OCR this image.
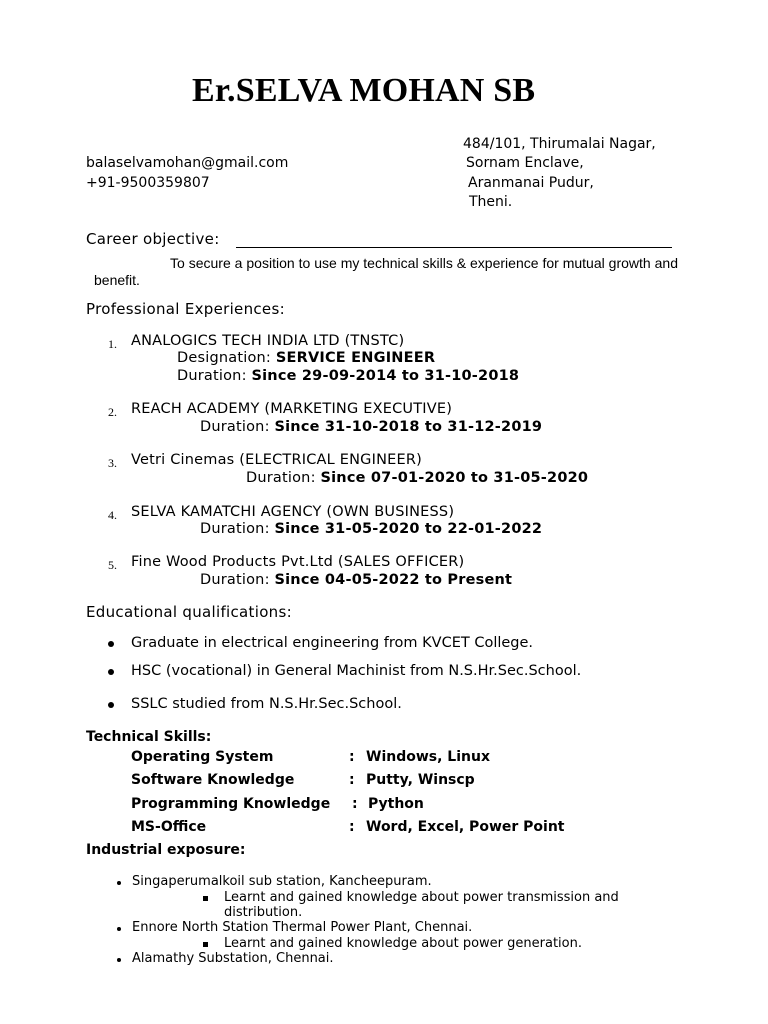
Er.SELVA MOHAN SB
484/101, Thirumalai Nagar,
Sornam Enclave,
Aranmanai Pudur,
Theni.
balaselvamohan@gmail.com
+91-9500359807
Career objective:
To secure a position to use my technical skills & experience for mutual growth and benefit.
Professional Experiences:
1. ANALOGICS TECH INDIA LTD (TNSTC)
Designation: SERVICE ENGINEER
Duration: Since 29-09-2014 to 31-10-2018
2. REACH ACADEMY (MARKETING EXECUTIVE)
Duration: Since 31-10-2018 to 31-12-2019
3. Vetri Cinemas (ELECTRICAL ENGINEER)
Duration: Since 07-01-2020 to 31-05-2020
4. SELVA KAMATCHI AGENCY (OWN BUSINESS)
Duration: Since 31-05-2020 to 22-01-2022
5. Fine Wood Products Pvt.Ltd (SALES OFFICER)
Duration: Since 04-05-2022 to Present
Educational qualifications:
Graduate in electrical engineering from KVCET College.
HSC (vocational) in General Machinist from N.S.Hr.Sec.School.
SSLC studied from N.S.Hr.Sec.School.
Technical Skills:
Operating System	: Windows, Linux
Software Knowledge	: Putty, Winscp
Programming Knowledge : Python
MS-Office	: Word, Excel, Power Point
Industrial exposure:
Singaperumalkoil sub station, Kancheepuram.
Learnt and gained knowledge about power transmission and
distribution.
Ennore North Station Thermal Power Plant, Chennai.
Learnt and gained knowledge about power generation.
Alamathy Substation, Chennai.
